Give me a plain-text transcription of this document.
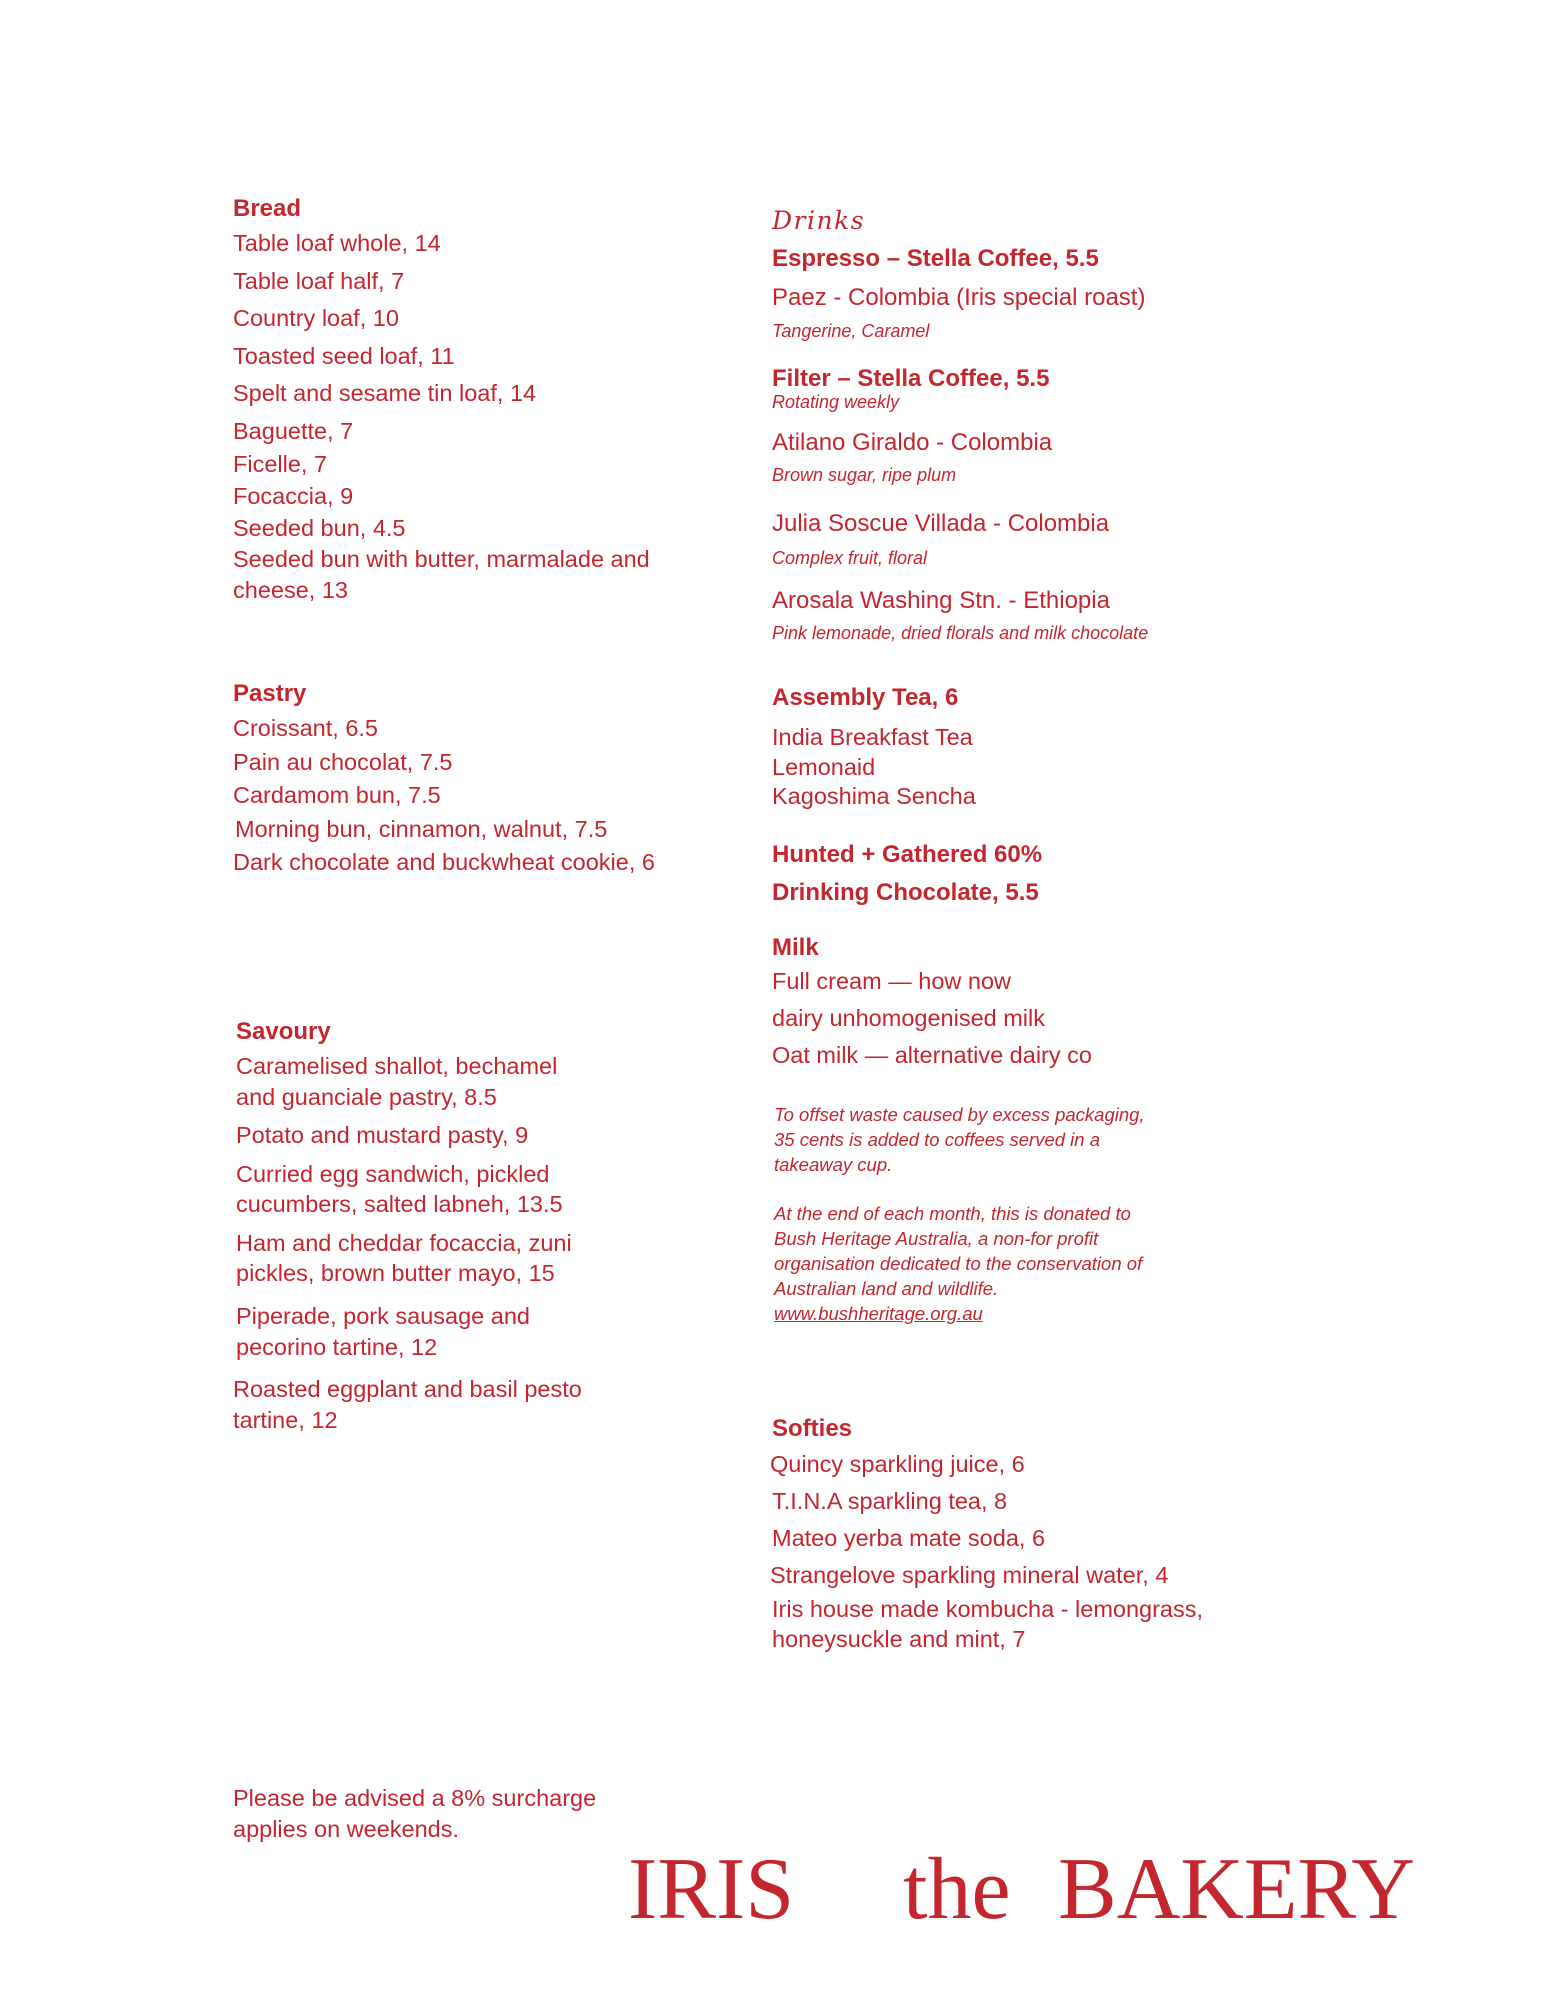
Bread
Table loaf whole, 14
Table loaf half, 7
Country loaf, 10
Toasted seed loaf, 11
Spelt and sesame tin loaf, 14
Baguette, 7
Ficelle, 7
Focaccia, 9
Seeded bun, 4.5
Seeded bun with butter, marmalade and cheese, 13
Pastry
Croissant, 6.5
Pain au chocolat, 7.5
Cardamom bun, 7.5
Morning bun, cinnamon, walnut, 7.5
Dark chocolate and buckwheat cookie, 6
Savoury
Caramelised shallot, bechamel and guanciale pastry, 8.5
Potato and mustard pasty, 9
Curried egg sandwich, pickled cucumbers, salted labneh, 13.5
Ham and cheddar focaccia, zuni pickles, brown butter mayo, 15
Piperade, pork sausage and pecorino tartine, 12
Roasted eggplant and basil pesto tartine, 12
Drinks
Espresso – Stella Coffee, 5.5
Paez - Colombia (Iris special roast)
Tangerine, Caramel
Filter – Stella Coffee, 5.5
Rotating weekly
Atilano Giraldo - Colombia
Brown sugar, ripe plum
Julia Soscue Villada - Colombia
Complex fruit, floral
Arosala Washing Stn. - Ethiopia
Pink lemonade, dried florals and milk chocolate
Assembly Tea, 6
India Breakfast Tea
Lemonaid
Kagoshima Sencha
Hunted + Gathered 60%
Drinking Chocolate, 5.5
Milk
Full cream — how now
dairy unhomogenised milk
Oat milk — alternative dairy co

To offset waste caused by excess packaging, 35 cents is added to coffees served in a takeaway cup.

At the end of each month, this is donated to Bush Heritage Australia, a non-for profit organisation dedicated to the conservation of Australian land and wildlife.

www.bushheritage.org.au

Softies
Quincy sparkling juice, 6
T.I.N.A sparkling tea, 8
Mateo yerba mate soda, 6
Strangelove sparkling mineral water, 4
Iris house made kombucha - lemongrass, honeysuckle and mint, 7
Please be advised a 8% surcharge applies on weekends.
IRIS the BAKERY
